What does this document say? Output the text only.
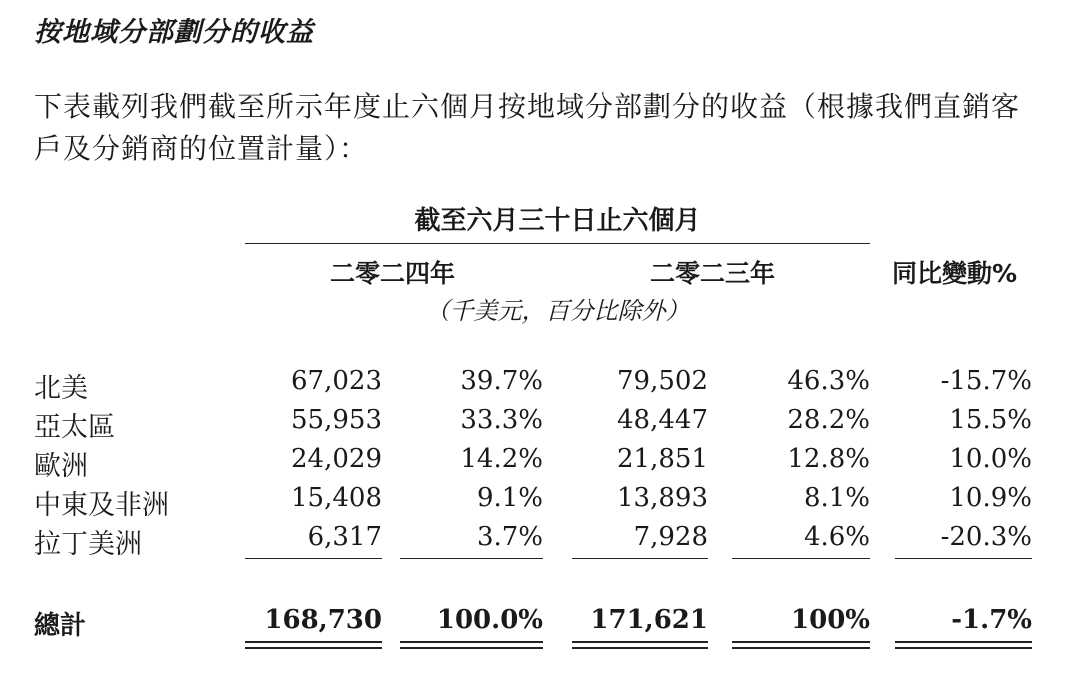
按地域分部劃分的收益
下表載列我們截至所示年度止六個月按地域分部劃分的收益（根據我們直銷客戶及分銷商的位置計量）：
截至六月三十日止六個月
二零二四年	二零二三年	同比變動%
（千美元，百分比除外）
北美	67,023	39.7%	79,502	46.3%	-15.7%
亞太區	55,953	33.3%	48,447	28.2%	15.5%
歐洲	24,029	14.2%	21,851	12.8%	10.0%
中東及非洲	15,408	9.1%	13,893	8.1%	10.9%
拉丁美洲	6,317	3.7%	7,928	4.6%	-20.3%
總計	168,730	100.0%	171,621	100%	-1.7%
